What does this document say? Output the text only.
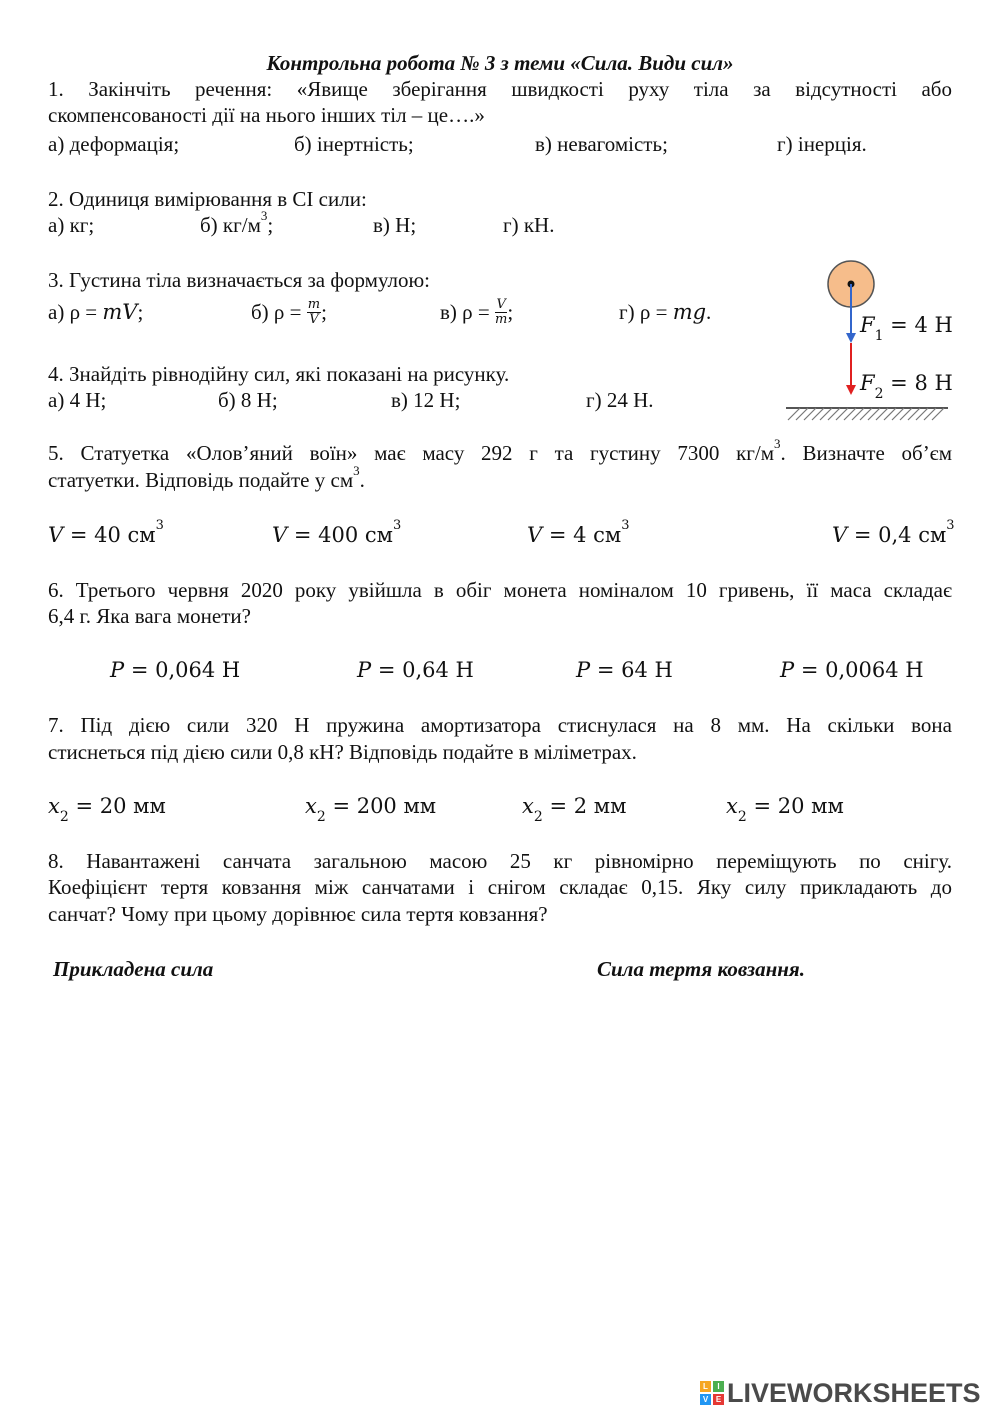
Контрольна робота № 3 з теми «Сила. Види сил»
1. Закінчіть речення: «Явище зберігання швидкості руху тіла за відсутності або
скомпенсованості дії на нього інших тіл – це….»
а) деформація;	б) інертність;	в) невагомість;	г) інерція.
2. Одиниця вимірювання в СІ сили:
а) кг;	б) $кг/м^3$;	в) Н;	г) кН.
3. Густина тіла визначається за формулою:
а) ρ = mV;	б) $\rho = \frac{m}{V}$ ;	в) $\rho = \frac{V}{m}$ ;	г) ρ = mg.
$F_1 = 4$ Н
$F_2 = 8$ Н
4. Знайдіть рівнодійну сил, які показані на рисунку.
а) 4 Н;	б) 8 Н;	в) 12 Н;	г) 24 Н.
5. Статуетка «Олов’яний воїн» має масу 292 г та густину 7300 $кг/м^3$. Визначте об’єм
статуетки. Відповідь подайте у $см^3$.
V = 40 $см^3$	V = 400 $см^3$	V = 4 $см^3$	V = 0,4 $см^3$
6. Третього червня 2020 року увійшла в обіг монета номіналом 10 гривень, її маса складає
6,4 г. Яка вага монети?
P = 0,064 Н	P = 0,64 Н	P = 64 Н	P = 0,0064 Н
7. Під дією сили 320 Н пружина амортизатора стиснулася на 8 мм. На скільки вона
стиснеться під дією сили 0,8 кН? Відповідь подайте в міліметрах.
$x_2 = 20$ мм	$x_2 = 200$ мм	$x_2 = 2$ мм	$x_2 = 20$ мм
8. Навантажені санчата загальною масою 25 кг рівномірно переміщують по снігу.
Коефіцієнт тертя ковзання між санчатами і снігом складає 0,15. Яку силу прикладають до
санчат? Чому при цьому дорівнює сила тертя ковзання?
Прикладена сила	Сила тертя ковзання.
L	I
V E LIVEWORKSHEETS
